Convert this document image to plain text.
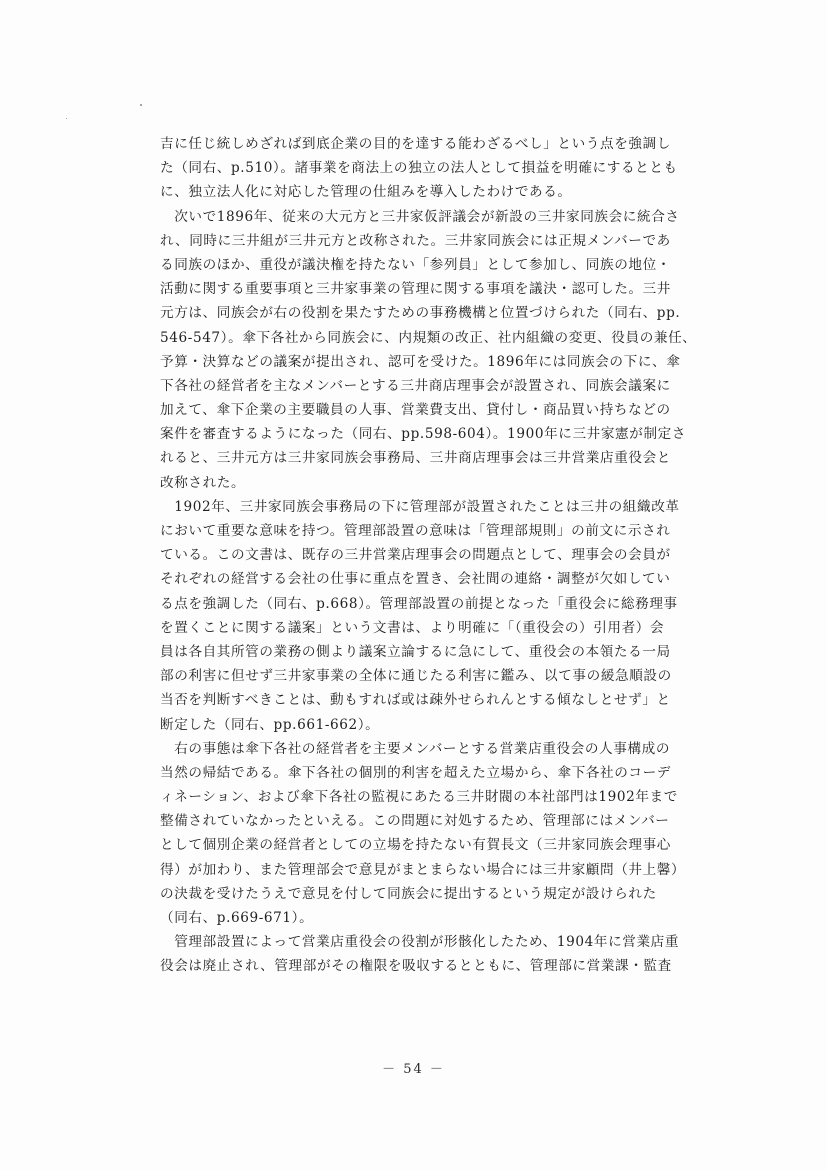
吉に任じ統しめざれば到底企業の目的を達する能わざるべし」という点を強調し
た（同右、p.510）。諸事業を商法上の独立の法人として損益を明確にするととも
に、独立法人化に対応した管理の仕組みを導入したわけである。
　次いで1896年、従来の大元方と三井家仮評議会が新設の三井家同族会に統合さ
れ、同時に三井組が三井元方と改称された。三井家同族会には正規メンバーであ
る同族のほか、重役が議決権を持たない「参列員」として参加し、同族の地位・
活動に関する重要事項と三井家事業の管理に関する事項を議決・認可した。三井
元方は、同族会が右の役割を果たすための事務機構と位置づけられた（同右、pp.
546-547）。傘下各社から同族会に、内規類の改正、社内組織の変更、役員の兼任、
予算・決算などの議案が提出され、認可を受けた。1896年には同族会の下に、傘
下各社の経営者を主なメンバーとする三井商店理事会が設置され、同族会議案に
加えて、傘下企業の主要職員の人事、営業費支出、貸付し・商品買い持ちなどの
案件を審査するようになった（同右、pp.598-604）。1900年に三井家憲が制定さ
れると、三井元方は三井家同族会事務局、三井商店理事会は三井営業店重役会と
改称された。
　1902年、三井家同族会事務局の下に管理部が設置されたことは三井の組織改革
において重要な意味を持つ。管理部設置の意味は「管理部規則」の前文に示され
ている。この文書は、既存の三井営業店理事会の問題点として、理事会の会員が
それぞれの経営する会社の仕事に重点を置き、会社間の連絡・調整が欠如してい
る点を強調した（同右、p.668）。管理部設置の前提となった「重役会に総務理事
を置くことに関する議案」という文書は、より明確に「（重役会の）引用者）会
員は各自其所管の業務の側より議案立論するに急にして、重役会の本領たる一局
部の利害に但せず三井家事業の全体に通じたる利害に鑑み、以て事の緩急順設の
当否を判断すべきことは、動もすれば或は疎外せられんとする傾なしとせず」と
断定した（同右、pp.661-662）。
　右の事態は傘下各社の経営者を主要メンバーとする営業店重役会の人事構成の
当然の帰結である。傘下各社の個別的利害を超えた立場から、傘下各社のコーデ
ィネーション、および傘下各社の監視にあたる三井財閥の本社部門は1902年まで
整備されていなかったといえる。この問題に対処するため、管理部にはメンバー
として個別企業の経営者としての立場を持たない有賀長文（三井家同族会理事心
得）が加わり、また管理部会で意見がまとまらない場合には三井家顧問（井上馨）
の決裁を受けたうえで意見を付して同族会に提出するという規定が設けられた
（同右、p.669-671）。
　管理部設置によって営業店重役会の役割が形骸化したため、1904年に営業店重
役会は廃止され、管理部がその権限を吸収するとともに、管理部に営業課・監査
－ 54 －
